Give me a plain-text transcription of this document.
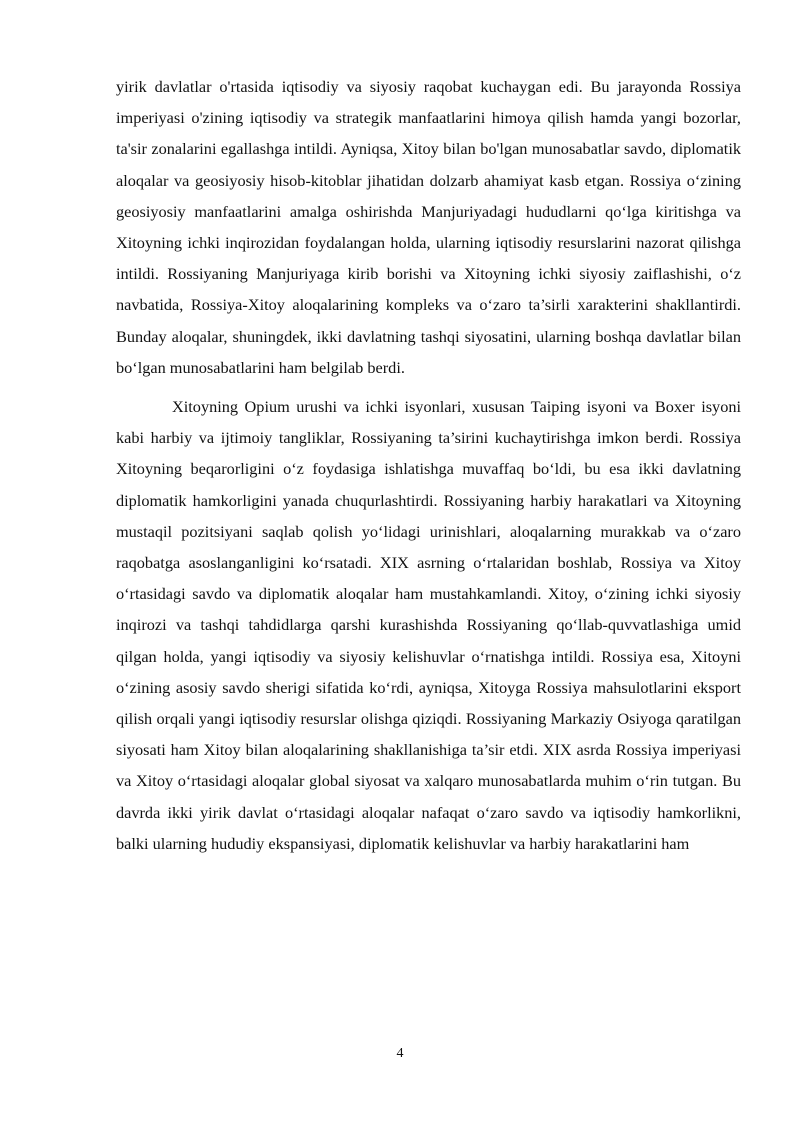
yirik davlatlar o'rtasida iqtisodiy va siyosiy raqobat kuchaygan edi. Bu jarayonda Rossiya imperiyasi o'zining iqtisodiy va strategik manfaatlarini himoya qilish hamda yangi bozorlar, ta'sir zonalarini egallashga intildi. Ayniqsa, Xitoy bilan bo'lgan munosabatlar savdo, diplomatik aloqalar va geosiyosiy hisob-kitoblar jihatidan dolzarb ahamiyat kasb etgan. Rossiya o‘zining geosiyosiy manfaatlarini amalga oshirishda Manjuriyadagi hududlarni qo‘lga kiritishga va Xitoyning ichki inqirozidan foydalangan holda, ularning iqtisodiy resurslarini nazorat qilishga intildi. Rossiyaning Manjuriyaga kirib borishi va Xitoyning ichki siyosiy zaiflashishi, o‘z navbatida, Rossiya-Xitoy aloqalarining kompleks va o‘zaro ta’sirli xarakterini shakllantirdi. Bunday aloqalar, shuningdek, ikki davlatning tashqi siyosatini, ularning boshqa davlatlar bilan bo‘lgan munosabatlarini ham belgilab berdi.

Xitoyning Opium urushi va ichki isyonlari, xususan Taiping isyoni va Boxer isyoni kabi harbiy va ijtimoiy tangliklar, Rossiyaning ta’sirini kuchaytirishga imkon berdi. Rossiya Xitoyning beqarorligini o‘z foydasiga ishlatishga muvaffaq bo‘ldi, bu esa ikki davlatning diplomatik hamkorligini yanada chuqurlashtirdi. Rossiyaning harbiy harakatlari va Xitoyning mustaqil pozitsiyani saqlab qolish yo‘lidagi urinishlari, aloqalarning murakkab va o‘zaro raqobatga asoslanganligini ko‘rsatadi. XIX asrning o‘rtalaridan boshlab, Rossiya va Xitoy o‘rtasidagi savdo va diplomatik aloqalar ham mustahkamlandi. Xitoy, o‘zining ichki siyosiy inqirozi va tashqi tahdidlarga qarshi kurashishda Rossiyaning qo‘llab-quvvatlashiga umid qilgan holda, yangi iqtisodiy va siyosiy kelishuvlar o‘rnatishga intildi. Rossiya esa, Xitoyni o‘zining asosiy savdo sherigi sifatida ko‘rdi, ayniqsa, Xitoyga Rossiya mahsulotlarini eksport qilish orqali yangi iqtisodiy resurslar olishga qiziqdi. Rossiyaning Markaziy Osiyoga qaratilgan siyosati ham Xitoy bilan aloqalarining shakllanishiga ta’sir etdi. XIX asrda Rossiya imperiyasi va Xitoy o‘rtasidagi aloqalar global siyosat va xalqaro munosabatlarda muhim o‘rin tutgan. Bu davrda ikki yirik davlat o‘rtasidagi aloqalar nafaqat o‘zaro savdo va iqtisodiy hamkorlikni, balki ularning hududiy ekspansiyasi, diplomatik kelishuvlar va harbiy harakatlarini ham

4
